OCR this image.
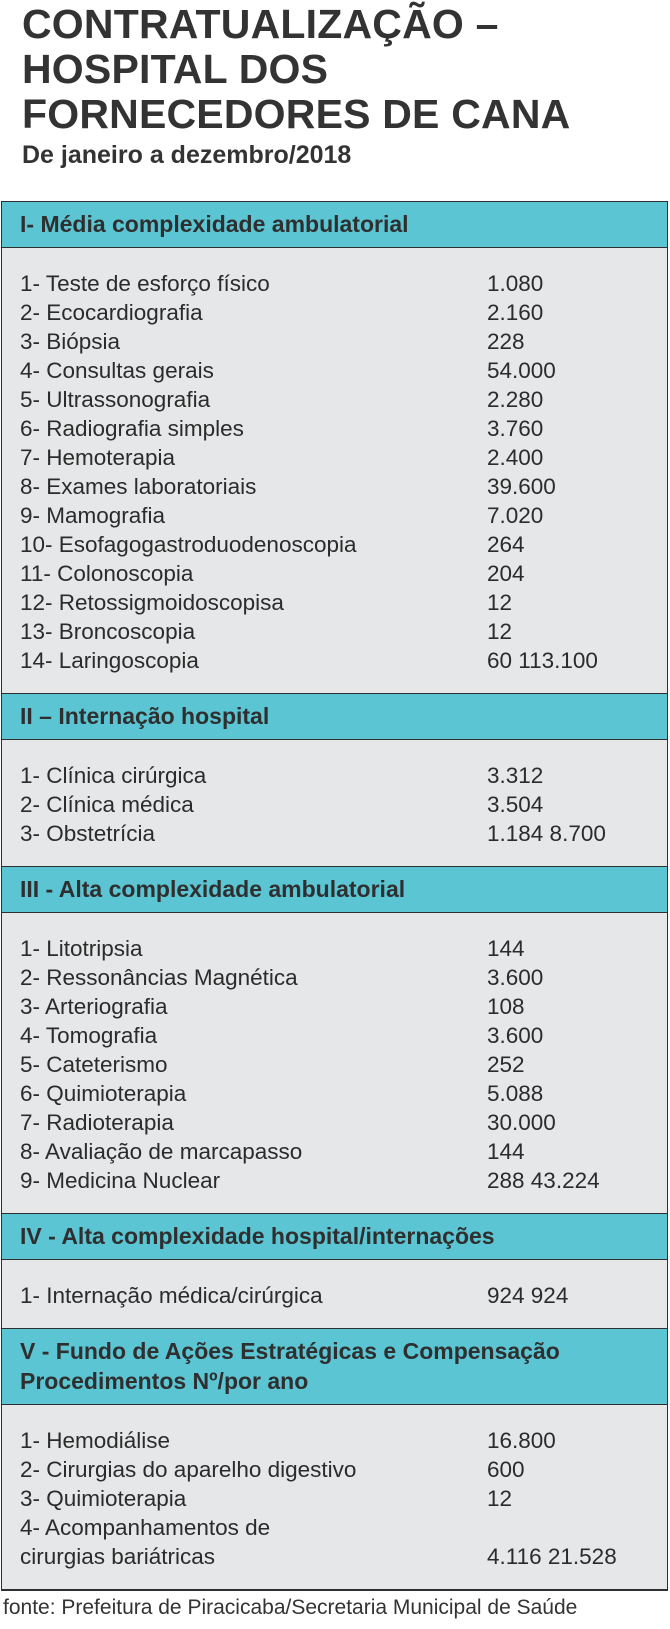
CONTRATUALIZAÇÃO –
HOSPITAL DOS
FORNECEDORES DE CANA
De janeiro a dezembro/2018
I- Média complexidade ambulatorial
1- Teste de esforço físico	1.080
2- Ecocardiografia	2.160
3- Biópsia	228
4- Consultas gerais	54.000
5- Ultrassonografia	2.280
6- Radiografia simples	3.760
7- Hemoterapia	2.400
8- Exames laboratoriais	39.600
9- Mamografia	7.020
10- Esofagogastroduodenoscopia	264
11- Colonoscopia	204
12- Retossigmoidoscopisa	12
13- Broncoscopia	12
14- Laringoscopia	60 113.100
II – Internação hospital
1- Clínica cirúrgica	3.312
2- Clínica médica	3.504
3- Obstetrícia	1.184 8.700
III - Alta complexidade ambulatorial
1- Litotripsia	144
2- Ressonâncias Magnética	3.600
3- Arteriografia	108
4- Tomografia	3.600
5- Cateterismo	252
6- Quimioterapia	5.088
7- Radioterapia	30.000
8- Avaliação de marcapasso	144
9- Medicina Nuclear	288 43.224
IV - Alta complexidade hospital/internações
1- Internação médica/cirúrgica	924 924
V - Fundo de Ações Estratégicas e Compensação
Procedimentos Nº/por ano
1- Hemodiálise	16.800
2- Cirurgias do aparelho digestivo	600
3- Quimioterapia	12
4- Acompanhamentos de
cirurgias bariátricas	4.116 21.528
fonte: Prefeitura de Piracicaba/Secretaria Municipal de Saúde
